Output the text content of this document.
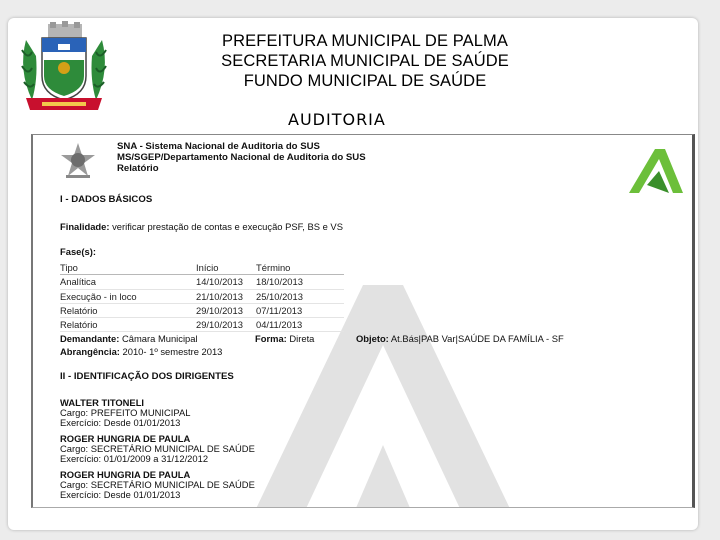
PREFEITURA MUNICIPAL DE PALMA
SECRETARIA MUNICIPAL DE SAÚDE
FUNDO MUNICIPAL DE SAÚDE
AUDITORIA
SNA - Sistema Nacional de Auditoria do SUS
MS/SGEP/Departamento Nacional de Auditoria do SUS
Relatório
I - DADOS BÁSICOS
Finalidade: verificar prestação de contas e execução PSF, BS e VS
Fase(s):
Tipo	Início	Término
Analítica	14/10/2013	18/10/2013
Execução - in loco	21/10/2013	25/10/2013
Relatório	29/10/2013	07/11/2013
Relatório	29/10/2013	04/11/2013
Demandante: Câmara Municipal	Forma: Direta	Objeto: At.Bás|PAB Var|SAÚDE DA FAMÍLIA - SF
Abrangência: 2010- 1º semestre 2013
II - IDENTIFICAÇÃO DOS DIRIGENTES
WALTER TITONELI
Cargo: PREFEITO MUNICIPAL
Exercício: Desde 01/01/2013
ROGER HUNGRIA DE PAULA
Cargo: SECRETÁRIO MUNICIPAL DE SAÚDE
Exercício: 01/01/2009 a 31/12/2012
ROGER HUNGRIA DE PAULA
Cargo: SECRETÁRIO MUNICIPAL DE SAÚDE
Exercício: Desde 01/01/2013
